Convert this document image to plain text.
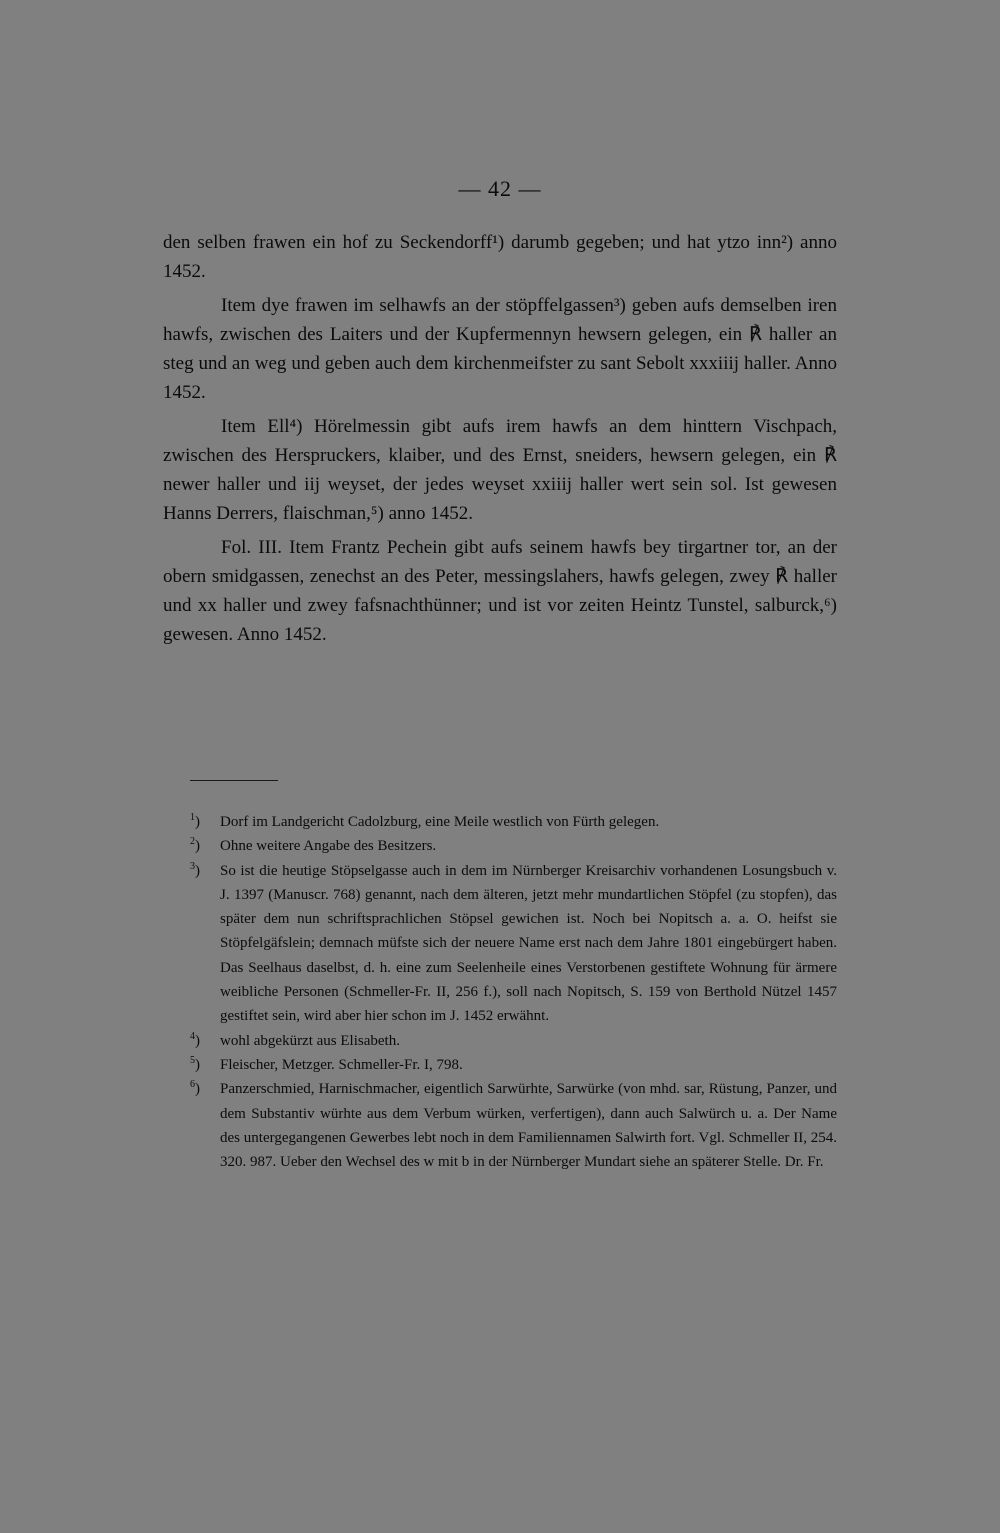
— 42 —

den selben frawen ein hof zu Seckendorff¹) darumb gegeben; und hat ytzo inn²) anno 1452.

Item dye frawen im selhawfs an der stöpffelgassen³) geben aufs demselben iren hawfs, zwischen des Laiters und der Kupfermennyn hewsern gelegen, ein ℟ haller an steg und an weg und geben auch dem kirchenmeifster zu sant Sebolt xxxiiij haller. Anno 1452.

Item Ell⁴) Hörelmessin gibt aufs irem hawfs an dem hinttern Vischpach, zwischen des Herspruckers, klaiber, und des Ernst, sneiders, hewsern gelegen, ein ℟ newer haller und iij weyset, der jedes weyset xxiiij haller wert sein sol. Ist gewesen Hanns Derrers, flaischman,⁵) anno 1452.

Fol. III. Item Frantz Pechein gibt aufs seinem hawfs bey tirgartner tor, an der obern smidgassen, zenechst an des Peter, messingslahers, hawfs gelegen, zwey ℟ haller und xx haller und zwey fafsnachthünner; und ist vor zeiten Heintz Tunstel, salburck,⁶) gewesen. Anno 1452.

$^1$)	Dorf im Landgericht Cadolzburg, eine Meile westlich von Fürth gelegen.
$^2$)	Ohne weitere Angabe des Besitzers.
$^3$)	So ist die heutige Stöpselgasse auch in dem im Nürnberger Kreisarchiv vorhandenen Losungsbuch v. J. 1397 (Manuscr. 768) genannt, nach dem älteren, jetzt mehr mundartlichen Stöpfel (zu stopfen), das später dem nun schriftsprachlichen Stöpsel gewichen ist. Noch bei Nopitsch a. a. O. heifst sie Stöpfelgäfslein; demnach müfste sich der neuere Name erst nach dem Jahre 1801 eingebürgert haben. Das Seelhaus daselbst, d. h. eine zum Seelenheile eines Verstorbenen gestiftete Wohnung für ärmere weibliche Personen (Schmeller-Fr. II, 256 f.), soll nach Nopitsch, S. 159 von Berthold Nützel 1457 gestiftet sein, wird aber hier schon im J. 1452 erwähnt.
$^4$)	wohl abgekürzt aus Elisabeth.
$^5$)	Fleischer, Metzger. Schmeller-Fr. I, 798.
$^6$)	Panzerschmied, Harnischmacher, eigentlich Sarwürhte, Sarwürke (von mhd. sar, Rüstung, Panzer, und dem Substantiv würhte aus dem Verbum würken, verfertigen), dann auch Salwürch u. a. Der Name des untergegangenen Gewerbes lebt noch in dem Familiennamen Salwirth fort. Vgl. Schmeller II, 254. 320. 987. Ueber den Wechsel des w mit b in der Nürnberger Mundart siehe an späterer Stelle. Dr. Fr.
